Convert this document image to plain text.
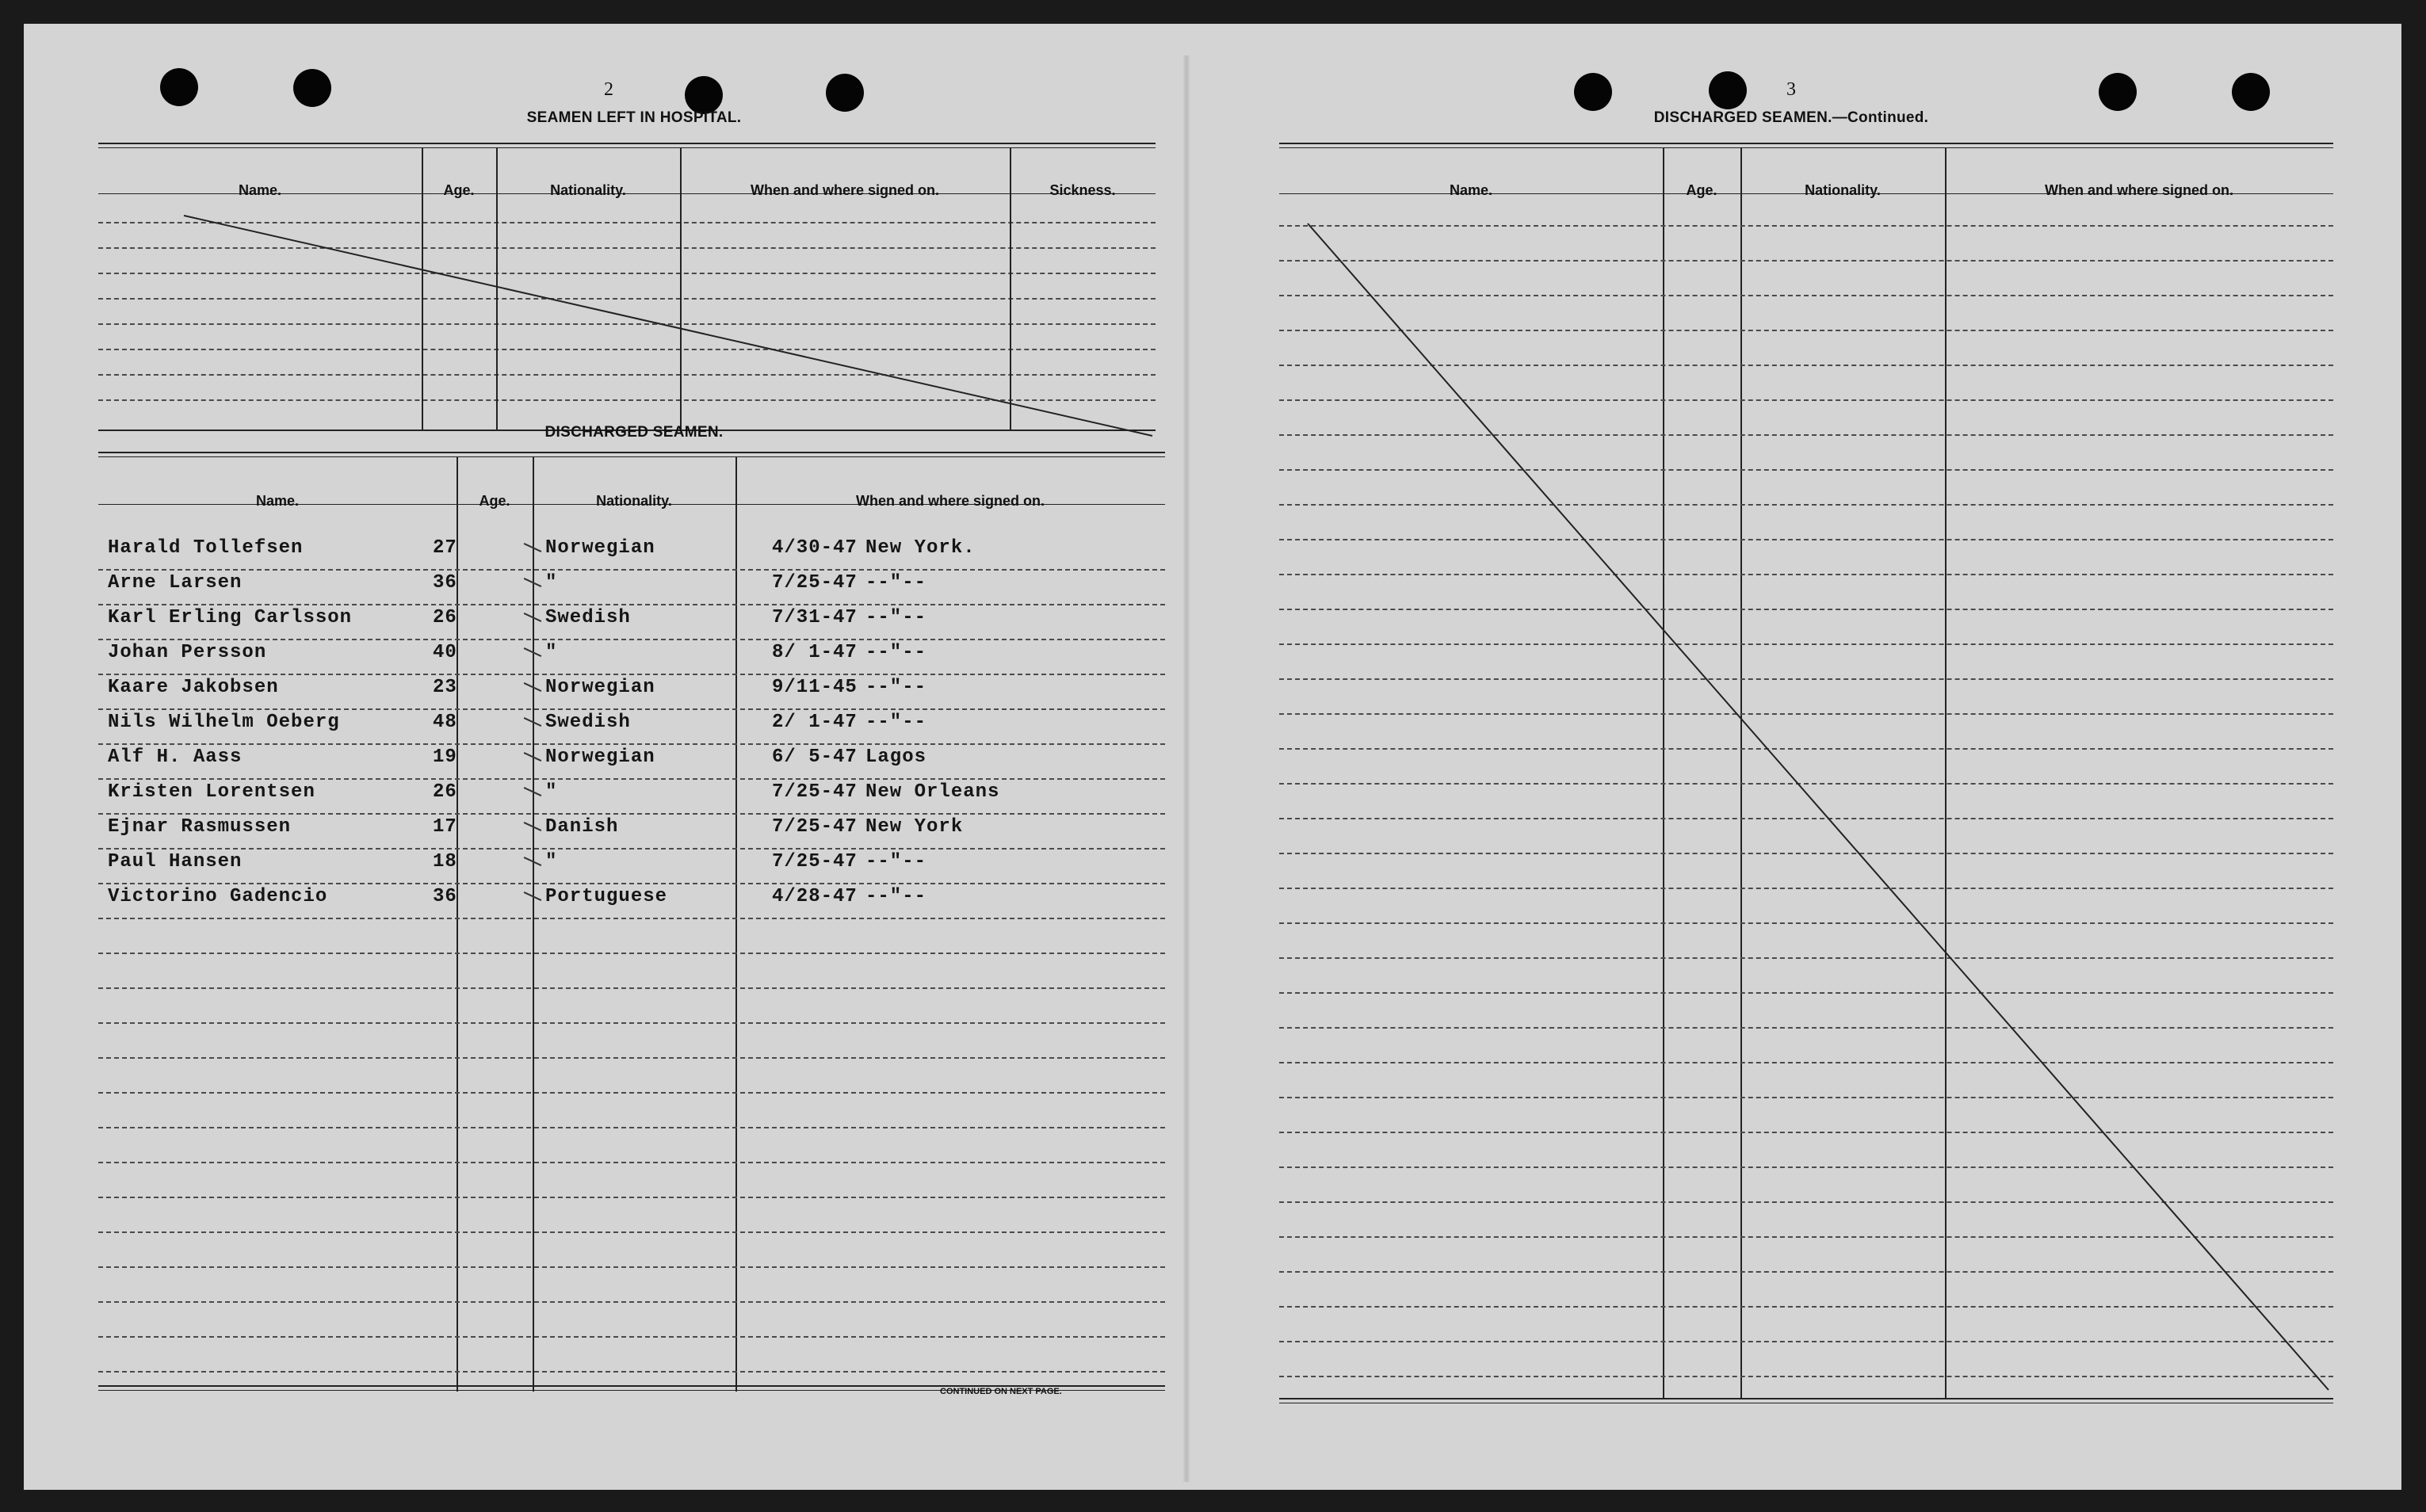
2
SEAMEN LEFT IN HOSPITAL.
Name.	Age.	Nationality.	When and where signed on.	Sickness.
DISCHARGED SEAMEN.
Name.	Age.	Nationality.	When and where signed on.
Harald Tollefsen	27	Norwegian	4/30-47 New York.
Arne Larsen	36	"	7/25-47 --"--
Karl Erling Carlsson	26	Swedish	7/31-47 --"--
Johan Persson	40	"	8/ 1-47 --"--
Kaare Jakobsen	23	Norwegian	9/11-45 --"--
Nils Wilhelm Oeberg	48	Swedish	2/ 1-47 --"--
Alf H. Aass	19	Norwegian	6/ 5-47 Lagos
Kristen Lorentsen	26	"	7/25-47 New Orleans
Ejnar Rasmussen	17	Danish	7/25-47 New York
Paul Hansen	18	"	7/25-47 --"--
Victorino Gadencio	36	Portuguese	4/28-47 --"--
CONTINUED ON NEXT PAGE.
3
DISCHARGED SEAMEN.—Continued.
Name.	Age.	Nationality.	When and where signed on.
